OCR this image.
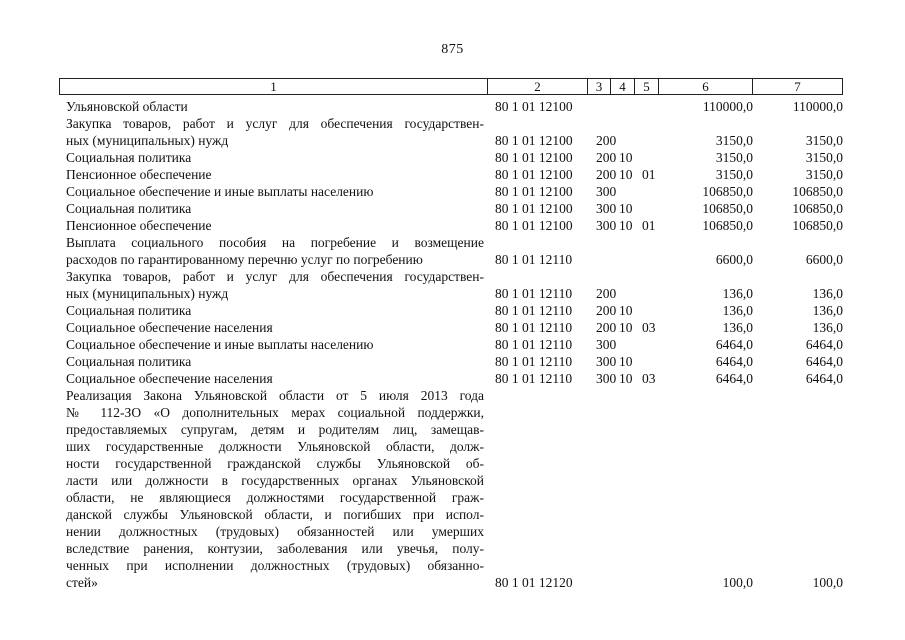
875
1	2	3	4	5	6	7
Ульяновской области	80 1 01 12100	110000,0	110000,0
Закупка товаров, работ и услуг для обеспечения государствен-
ных (муниципальных) нужд	80 1 01 12100 200	3150,0	3150,0
Социальная политика	80 1 01 12100 200 10	3150,0	3150,0
Пенсионное обеспечение	80 1 01 12100 200 10 01	3150,0	3150,0
Социальное обеспечение и иные выплаты населению	80 1 01 12100 300	106850,0	106850,0
Социальная политика	80 1 01 12100 300 10	106850,0	106850,0
Пенсионное обеспечение	80 1 01 12100 300 10 01	106850,0	106850,0
Выплата социального пособия на погребение и возмещение
расходов по гарантированному перечню услуг по погребению	80 1 01 12110	6600,0	6600,0
Закупка товаров, работ и услуг для обеспечения государствен-
ных (муниципальных) нужд	80 1 01 12110 200	136,0	136,0
Социальная политика	80 1 01 12110 200 10	136,0	136,0
Социальное обеспечение населения	80 1 01 12110 200 10 03	136,0	136,0
Социальное обеспечение и иные выплаты населению	80 1 01 12110 300	6464,0	6464,0
Социальная политика	80 1 01 12110 300 10	6464,0	6464,0
Социальное обеспечение населения	80 1 01 12110 300 10 03	6464,0	6464,0
Реализация Закона Ульяновской области от 5 июля 2013 года
№ 112-ЗО «О дополнительных мерах социальной поддержки,
предоставляемых супругам, детям и родителям лиц, замещав-
ших государственные должности Ульяновской области, долж-
ности государственной гражданской службы Ульяновской об-
ласти или должности в государственных органах Ульяновской
области, не являющиеся должностями государственной граж-
данской службы Ульяновской области, и погибших при испол-
нении должностных (трудовых) обязанностей или умерших
вследствие ранения, контузии, заболевания или увечья, полу-
ченных при исполнении должностных (трудовых) обязанно-
стей»	80 1 01 12120	100,0	100,0
